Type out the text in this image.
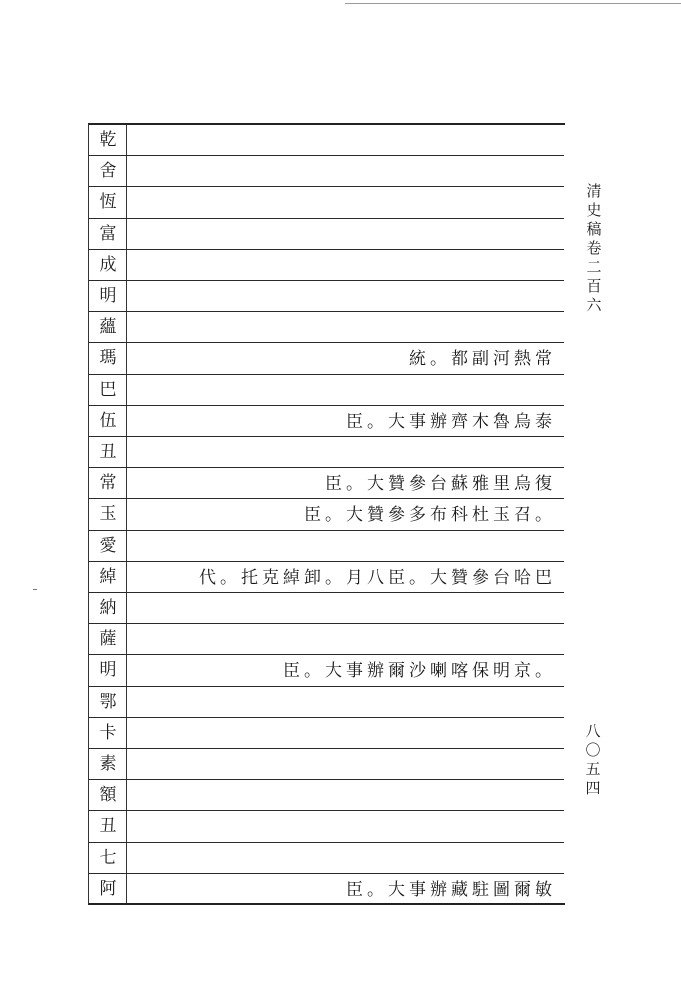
清史稿卷二百六
乾
舍
恆
富
成
明
蘊
瑪	統。都副河熱常
巴
伍	臣。大事辦齊木魯烏泰
丑
常	臣。大贊參台蘇雅里烏復
玉	臣。大贊參多布科杜玉召。
愛
綽	代。托克綽卸。月八臣。大贊參台哈巴
納
薩
明	臣。大事辦爾沙喇喀保明京。
鄂
卡
素
額
丑
七
阿	臣。大事辦藏駐圖爾敏
八〇五四
